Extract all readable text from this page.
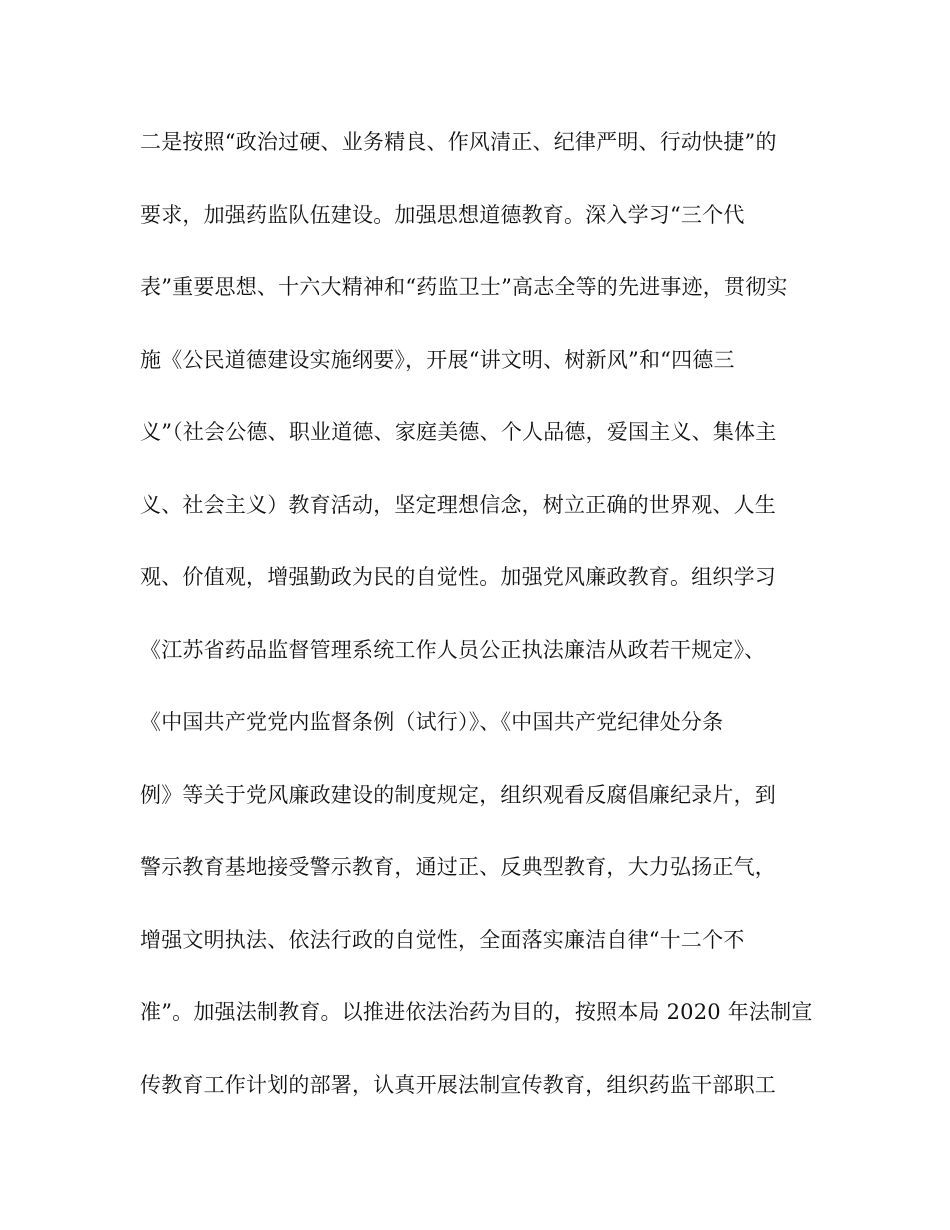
二是按照“政治过硬、业务精良、作风清正、纪律严明、行动快捷”的
要求，加强药监队伍建设。加强思想道德教育。深入学习“三个代
表”重要思想、十六大精神和“药监卫士”高志全等的先进事迹，贯彻实
施《公民道德建设实施纲要》，开展“讲文明、树新风”和“四德三
义”（社会公德、职业道德、家庭美德、个人品德，爱国主义、集体主
义、社会主义）教育活动，坚定理想信念，树立正确的世界观、人生
观、价值观，增强勤政为民的自觉性。加强党风廉政教育。组织学习
《江苏省药品监督管理系统工作人员公正执法廉洁从政若干规定》、
《中国共产党党内监督条例（试行）》、《中国共产党纪律处分条
例》等关于党风廉政建设的制度规定，组织观看反腐倡廉纪录片，到
警示教育基地接受警示教育，通过正、反典型教育，大力弘扬正气，
增强文明执法、依法行政的自觉性，全面落实廉洁自律“十二个不
准”。加强法制教育。以推进依法治药为目的，按照本局 2020 年法制宣
传教育工作计划的部署，认真开展法制宣传教育，组织药监干部职工
